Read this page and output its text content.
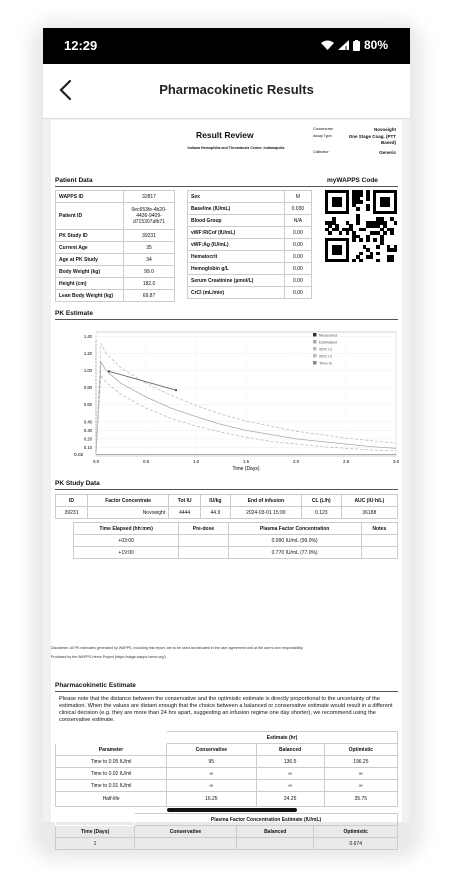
12:29	80%
Pharmacokinetic Results
Result Review
Indiana Hemophilia and Thrombosis Center, Indianapolis
Concentrate:	Novoeight
Assay Type:	One Stage Coag. (PTT Based)
Calibrator:	Generic
Patient Data
WAPPS ID	32817
Patient ID	0ec653fe-4b20-4436-9409-d715307afb71
PK Study ID	39231
Current Age	35
Age at PK Study	34
Body Weight (kg)	99.0
Height (cm)	182.0
Lean Body Weight (kg)	69.87
Sex	M
Baseline (IU/mL)	0.030
Blood Group	N/A
vWF:RiCof (IU/mL)	0.00
vWF:Ag (IU/mL)	0.00
Hematocrit	0.00
Hemoglobin g/L	0.00
Serum Creatinine (µmol/L)	0.00
CrCl (mL/min)	0.00
myWAPPS Code
PK Estimate
0.10
0.20
0.30
0.40
0.60
0.80
1.00
1.20
1.40
0.0	0.5	1.0	1.5	2.0	2.5	3.0
0.02
Measured
Estimated
95% CI
95% CI
Time to
Time (Days)
PK Study Data
ID	Factor Concentrate	Tot IU	IU/kg	End of infusion	CL (L/h)	AUC (IU·h/L)
39231	Novoeight	4444	44.9	2024-03-01 15:00	0.123	36188
Time Elapsed (hh:mm)	Pre-dose	Plasma Factor Concentration	Notes
+03:00		0.990 IU/mL (99.0%)	
+19:00		0.770 IU/mL (77.0%)	
Disclaimer: All PK estimates generated by WAPPS, including this report, are to be used as indicated in the user agreement and at the user's own responsibility.
Produced by the WAPPS-Hemo Project (https://stage.wapps-hemo.org/)
Pharmacokinetic Estimate
Please note that the distance between the conservative and the optimistic estimate is directly proportional to the uncertainty of the estimation. When the values are distant enough that the choice between a balanced or conservative estimate would result in a different clinical decision (e.g. they are more than 24 hrs apart, suggesting an infusion regime one day shorter), we recommend using the conservative estimate.
	Estimate (hr)		
Parameter	Conservative	Balanced	Optimistic
Time to 0.05 IU/ml	95	136.5	196.25
Time to 0.02 IU/ml	∞	∞	∞
Time to 0.01 IU/ml	∞	∞	∞
Half-life	16.25	24.25	35.75
	Plasma Factor Concentration Estimate (IU/mL)		
Time (Days)	Conservative	Balanced	Optimistic
1			0.674
